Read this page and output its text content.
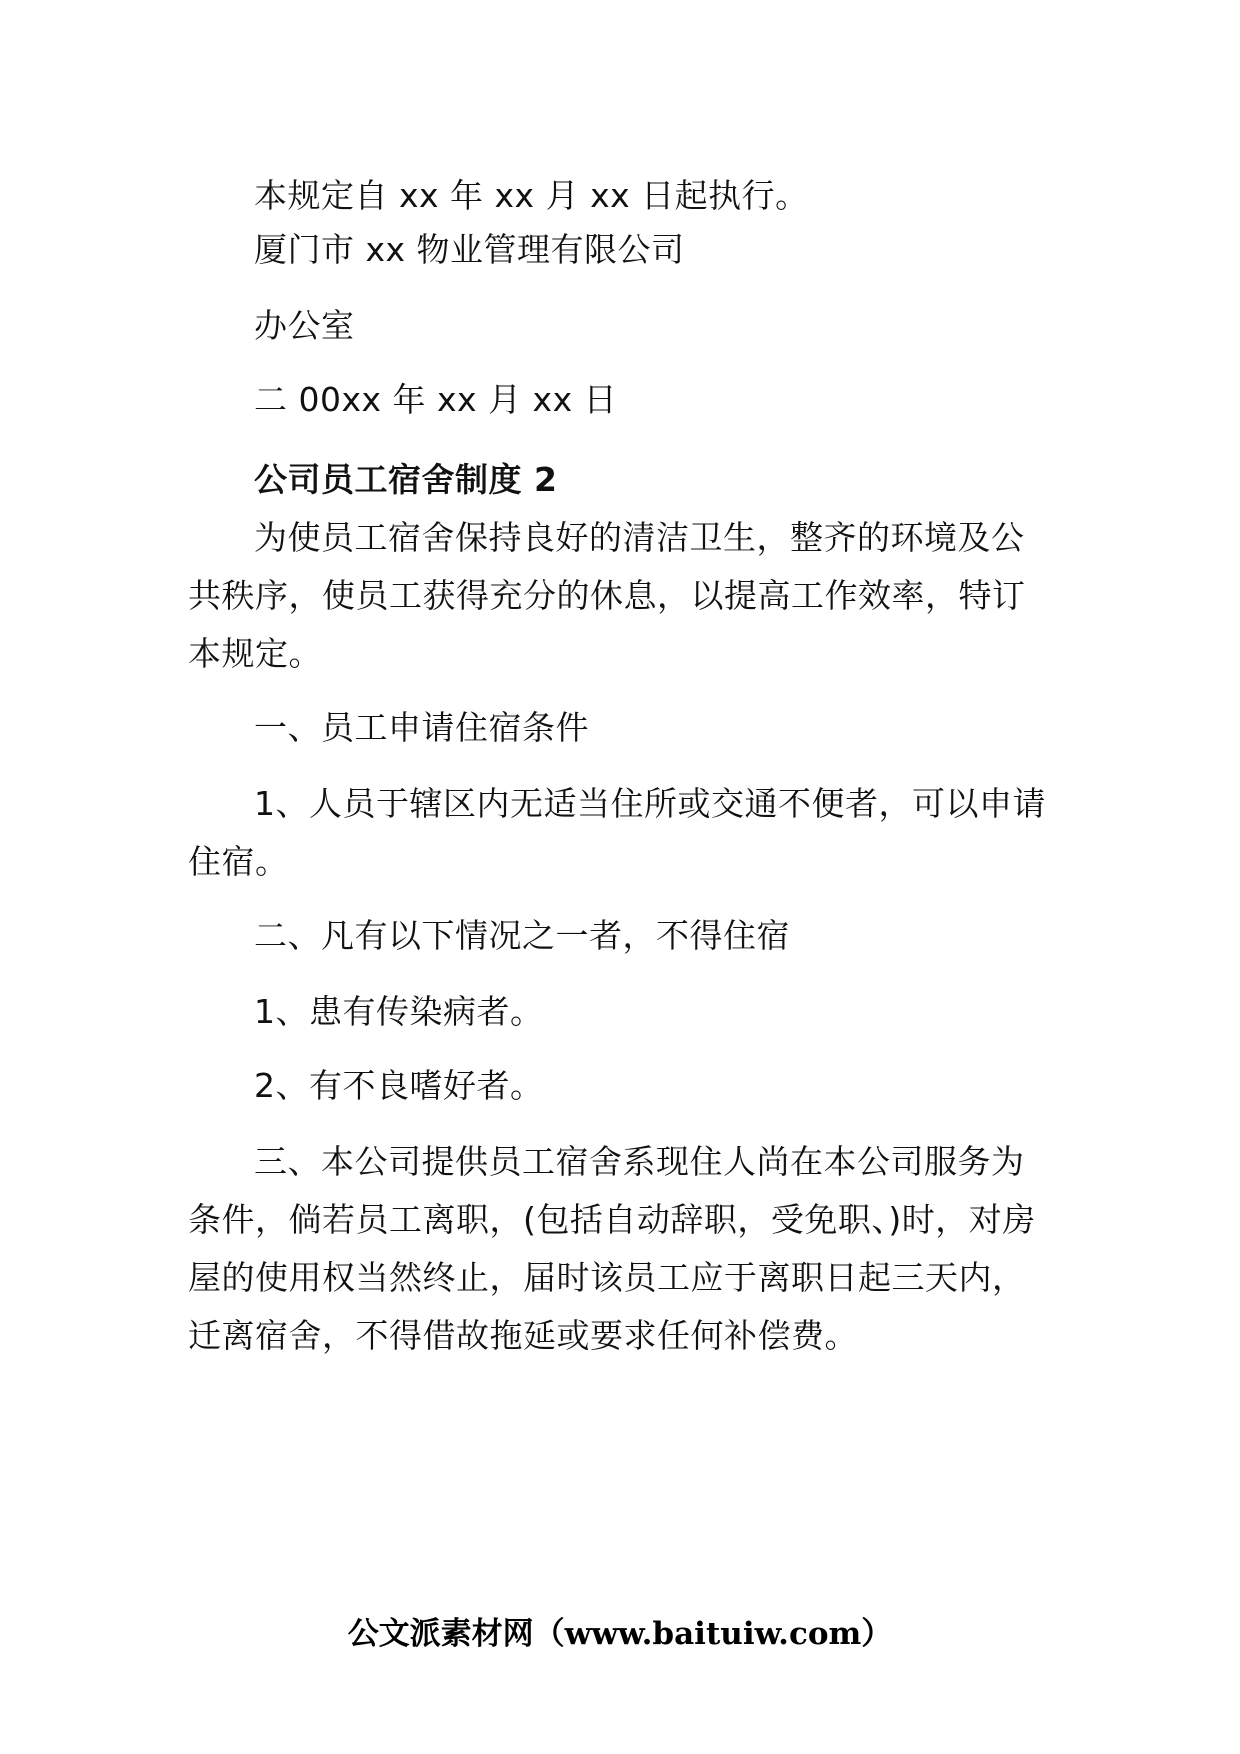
本规定自 xx 年 xx 月 xx 日起执行。
厦门市 xx 物业管理有限公司
办公室
二 00xx 年 xx 月 xx 日
公司员工宿舍制度 2
为使员工宿舍保持良好的清洁卫生，整齐的环境及公
共秩序，使员工获得充分的休息，以提高工作效率，特订
本规定。
一、员工申请住宿条件
1、人员于辖区内无适当住所或交通不便者，可以申请
住宿。
二、凡有以下情况之一者，不得住宿
1、患有传染病者。
2、有不良嗜好者。
三、本公司提供员工宿舍系现住人尚在本公司服务为
条件，倘若员工离职，(包括自动辞职，受免职、)时，对房
屋的使用权当然终止，届时该员工应于离职日起三天内，
迁离宿舍，不得借故拖延或要求任何补偿费。
公文派素材网（www.baituiw.com）
